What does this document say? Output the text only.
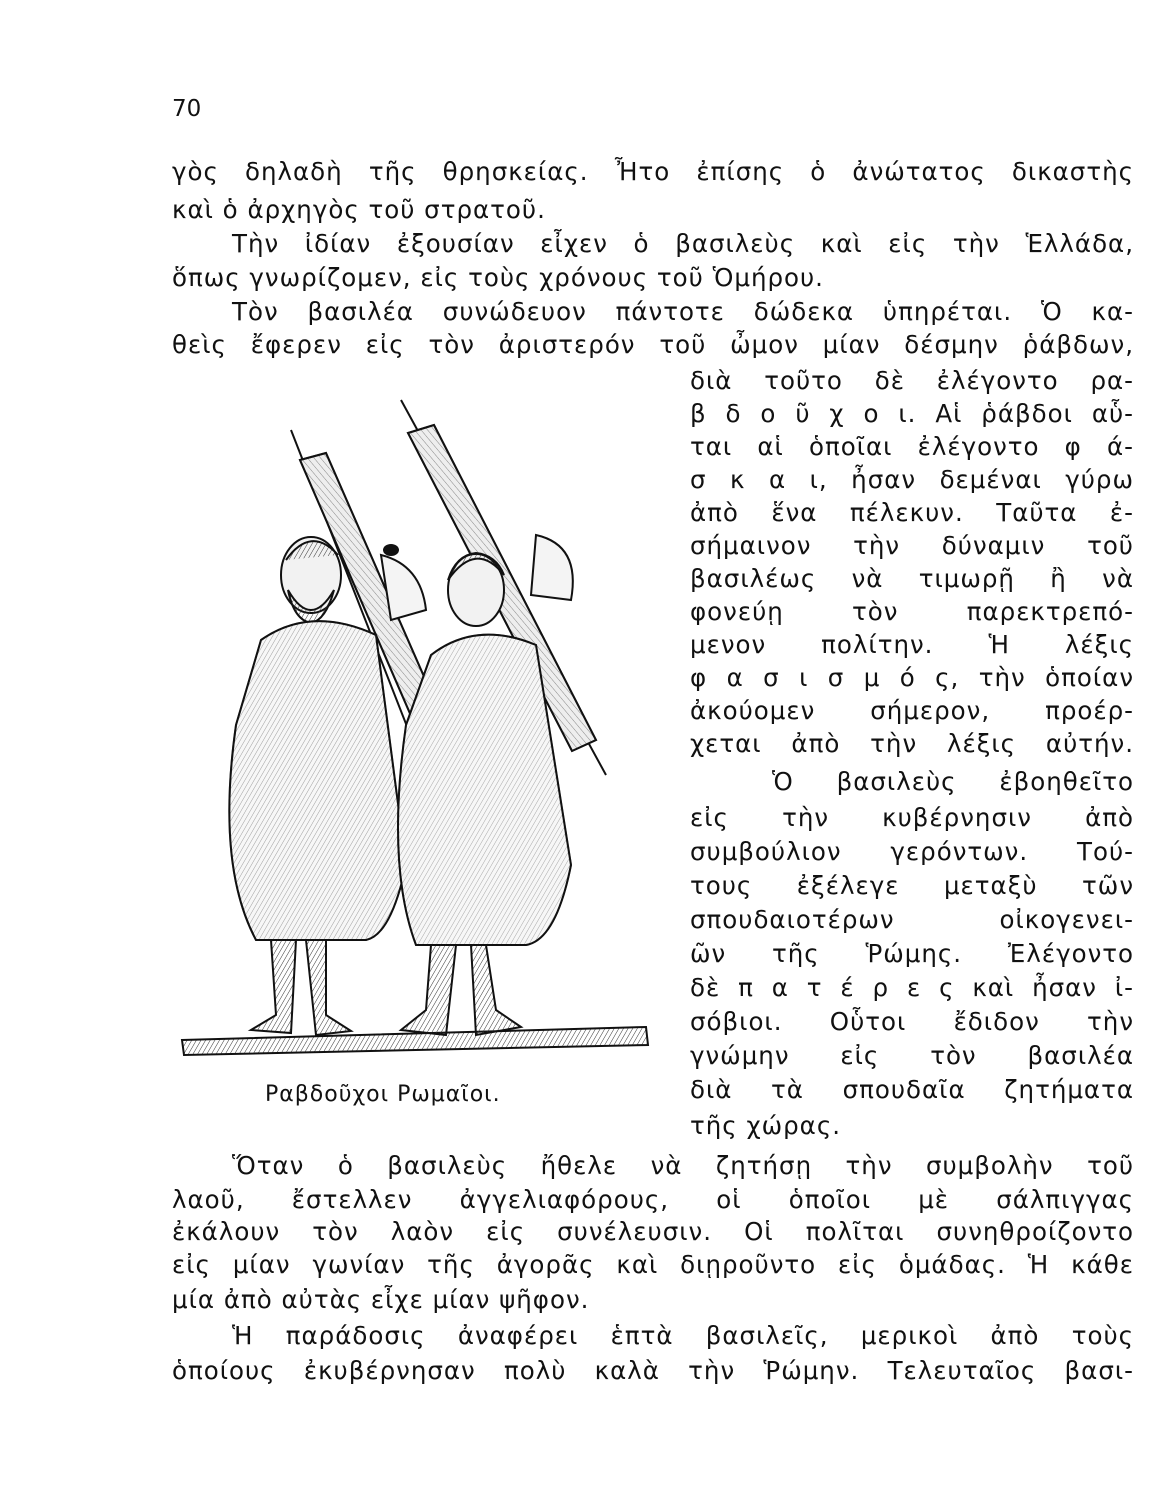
70
γὸς δηλαδὴ τῆς θρησκείας. Ἦτο ἐπίσης ὁ ἀνώτατος δικαστὴς
καὶ ὁ ἀρχηγὸς τοῦ στρατοῦ.
Τὴν ἰδίαν ἐξουσίαν εἶχεν ὁ βασιλεὺς καὶ εἰς τὴν Ἑλλάδα,
ὅπως γνωρίζομεν, εἰς τοὺς χρόνους τοῦ Ὁμήρου.
Τὸν βασιλέα συνώδευον πάντοτε δώδεκα ὑπηρέται. Ὁ κα-
θεὶς ἔφερεν εἰς τὸν ἀριστερόν τοῦ ὦμον μίαν δέσμην ῥάβδων,
διὰ τοῦτο δὲ ἐλέγοντο ρα-
β δ ο ῦ χ ο ι. Αἱ ῥάβδοι αὗ-
ται αἱ ὁποῖαι ἐλέγοντο φ ά-
σ κ α ι, ἦσαν δεμέναι γύρω
ἀπὸ ἕνα πέλεκυν. Ταῦτα ἐ-
σήμαινον τὴν δύναμιν τοῦ
βασιλέως νὰ τιμωρῇ ἢ νὰ
φονεύῃ τὸν παρεκτρεπό-
μενον πολίτην. Ἡ λέξις
φ α σ ι σ μ ό ς, τὴν ὁποίαν
ἀκούομεν σήμερον, προέρ-
χεται ἀπὸ τὴν λέξις αὐτήν.
Ὁ βασιλεὺς ἐβοηθεῖτο
εἰς τὴν κυβέρνησιν ἀπὸ
συμβούλιον γερόντων. Τού-
τους ἐξέλεγε μεταξὺ τῶν
σπουδαιοτέρων οἰκογενει-
ῶν τῆς Ῥώμης. Ἐλέγοντο
δὲ π α τ έ ρ ε ς καὶ ἦσαν ἰ-
σόβιοι. Οὗτοι ἔδιδον τὴν
γνώμην εἰς τὸν βασιλέα
διὰ τὰ σπουδαῖα ζητήματα
τῆς χώρας.
Ραβδοῦχοι Ρωμαῖοι.
Ὅταν ὁ βασιλεὺς ἤθελε νὰ ζητήσῃ τὴν συμβολὴν τοῦ
λαοῦ, ἔστελλεν ἀγγελιαφόρους, οἱ ὁποῖοι μὲ σάλπιγγας
ἐκάλουν τὸν λαὸν εἰς συνέλευσιν. Οἱ πολῖται συνηθροίζοντο
εἰς μίαν γωνίαν τῆς ἀγορᾶς καὶ διῃροῦντο εἰς ὁμάδας. Ἡ κάθε
μία ἀπὸ αὐτὰς εἶχε μίαν ψῆφον.
Ἡ παράδοσις ἀναφέρει ἑπτὰ βασιλεῖς, μερικοὶ ἀπὸ τοὺς
ὁποίους ἐκυβέρνησαν πολὺ καλὰ τὴν Ῥώμην. Τελευταῖος βασι-
